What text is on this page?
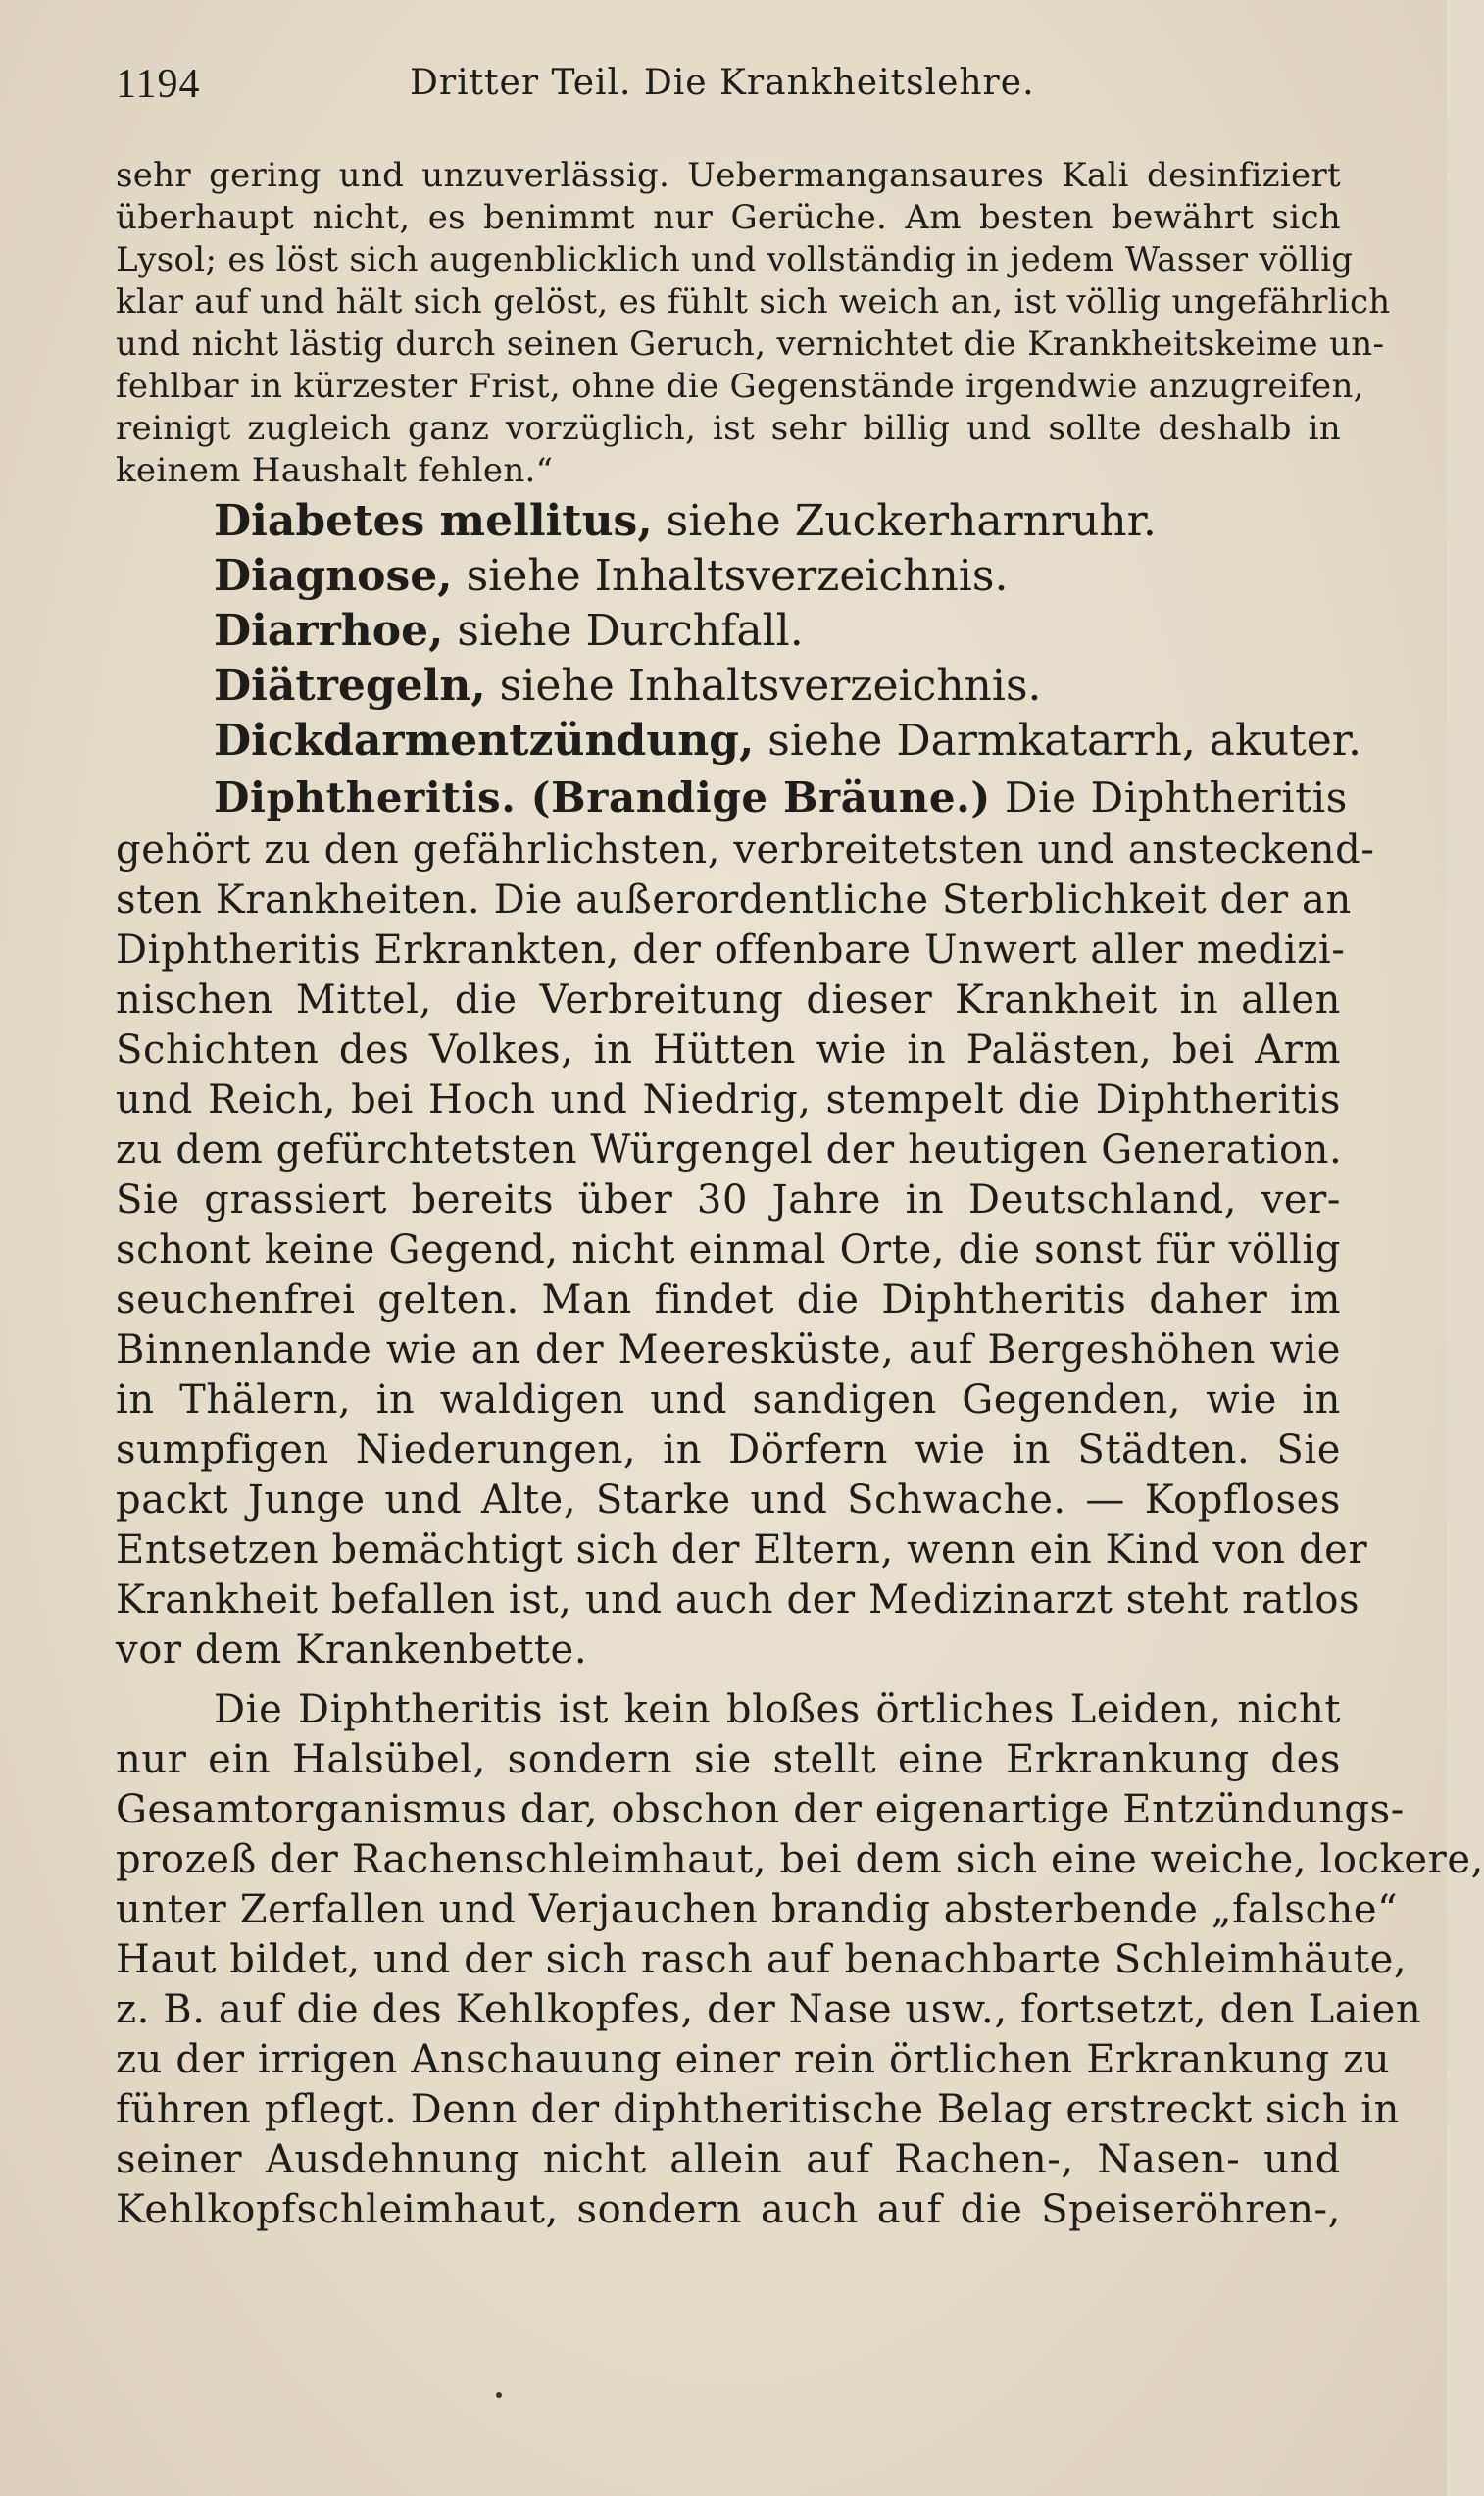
1194	Dritter Teil. Die Krankheitslehre.
sehr gering und unzuverlässig. Uebermangansaures Kali desinfiziert
überhaupt nicht, es benimmt nur Gerüche. Am besten bewährt sich
Lysol; es löst sich augenblicklich und vollständig in jedem Wasser völlig
klar auf und hält sich gelöst, es fühlt sich weich an, ist völlig ungefährlich
und nicht lästig durch seinen Geruch, vernichtet die Krankheitskeime un-
fehlbar in kürzester Frist, ohne die Gegenstände irgendwie anzugreifen,
reinigt zugleich ganz vorzüglich, ist sehr billig und sollte deshalb in
keinem Haushalt fehlen.“
Diabetes mellitus, siehe Zuckerharnruhr.
Diagnose, siehe Inhaltsverzeichnis.
Diarrhoe, siehe Durchfall.
Diätregeln, siehe Inhaltsverzeichnis.
Dickdarmentzündung, siehe Darmkatarrh, akuter.
Diphtheritis. (Brandige Bräune.) Die Diphtheritis
gehört zu den gefährlichsten, verbreitetsten und ansteckend-
sten Krankheiten. Die außerordentliche Sterblichkeit der an
Diphtheritis Erkrankten, der offenbare Unwert aller medizi-
nischen Mittel, die Verbreitung dieser Krankheit in allen
Schichten des Volkes, in Hütten wie in Palästen, bei Arm
und Reich, bei Hoch und Niedrig, stempelt die Diphtheritis
zu dem gefürchtetsten Würgengel der heutigen Generation.
Sie grassiert bereits über 30 Jahre in Deutschland, ver-
schont keine Gegend, nicht einmal Orte, die sonst für völlig
seuchenfrei gelten. Man findet die Diphtheritis daher im
Binnenlande wie an der Meeresküste, auf Bergeshöhen wie
in Thälern, in waldigen und sandigen Gegenden, wie in
sumpfigen Niederungen, in Dörfern wie in Städten. Sie
packt Junge und Alte, Starke und Schwache. — Kopfloses
Entsetzen bemächtigt sich der Eltern, wenn ein Kind von der
Krankheit befallen ist, und auch der Medizinarzt steht ratlos
vor dem Krankenbette.
Die Diphtheritis ist kein bloßes örtliches Leiden, nicht
nur ein Halsübel, sondern sie stellt eine Erkrankung des
Gesamtorganismus dar, obschon der eigenartige Entzündungs-
prozeß der Rachenschleimhaut, bei dem sich eine weiche, lockere,
unter Zerfallen und Verjauchen brandig absterbende „falsche“
Haut bildet, und der sich rasch auf benachbarte Schleimhäute,
z. B. auf die des Kehlkopfes, der Nase usw., fortsetzt, den Laien
zu der irrigen Anschauung einer rein örtlichen Erkrankung zu
führen pflegt. Denn der diphtheritische Belag erstreckt sich in
seiner Ausdehnung nicht allein auf Rachen-, Nasen- und
Kehlkopfschleimhaut, sondern auch auf die Speiseröhren-,
